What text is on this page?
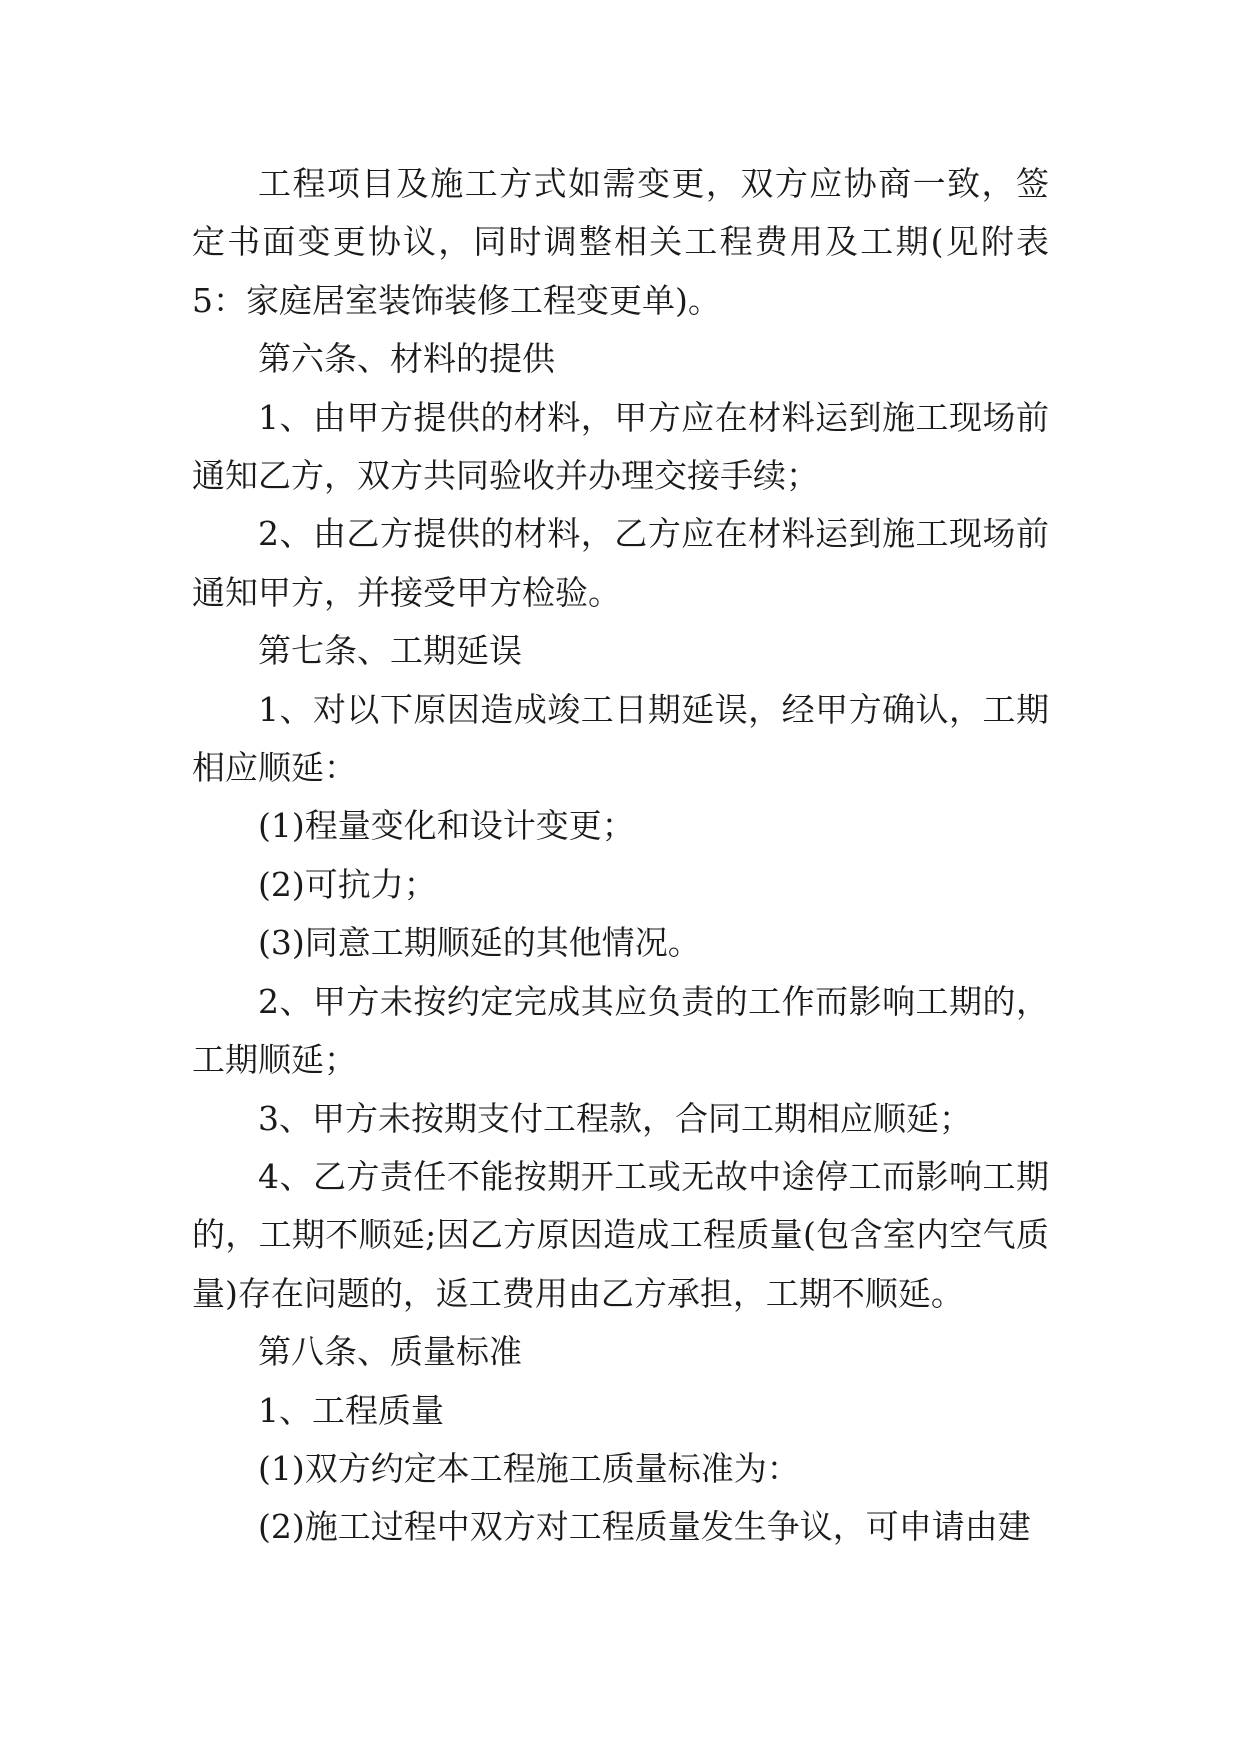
工程项目及施工方式如需变更，双方应协商一致，签定书面变更协议，同时调整相关工程费用及工期(见附表5：家庭居室装饰装修工程变更单)。

第六条、材料的提供

1、由甲方提供的材料，甲方应在材料运到施工现场前通知乙方，双方共同验收并办理交接手续；

2、由乙方提供的材料，乙方应在材料运到施工现场前通知甲方，并接受甲方检验。

第七条、工期延误

1、对以下原因造成竣工日期延误，经甲方确认，工期相应顺延：

(1)程量变化和设计变更；

(2)可抗力；

(3)同意工期顺延的其他情况。

2、甲方未按约定完成其应负责的工作而影响工期的，工期顺延；

3、甲方未按期支付工程款，合同工期相应顺延；

4、乙方责任不能按期开工或无故中途停工而影响工期的，工期不顺延;因乙方原因造成工程质量(包含室内空气质量)存在问题的，返工费用由乙方承担，工期不顺延。

第八条、质量标准

1、工程质量

(1)双方约定本工程施工质量标准为：

(2)施工过程中双方对工程质量发生争议，可申请由建
